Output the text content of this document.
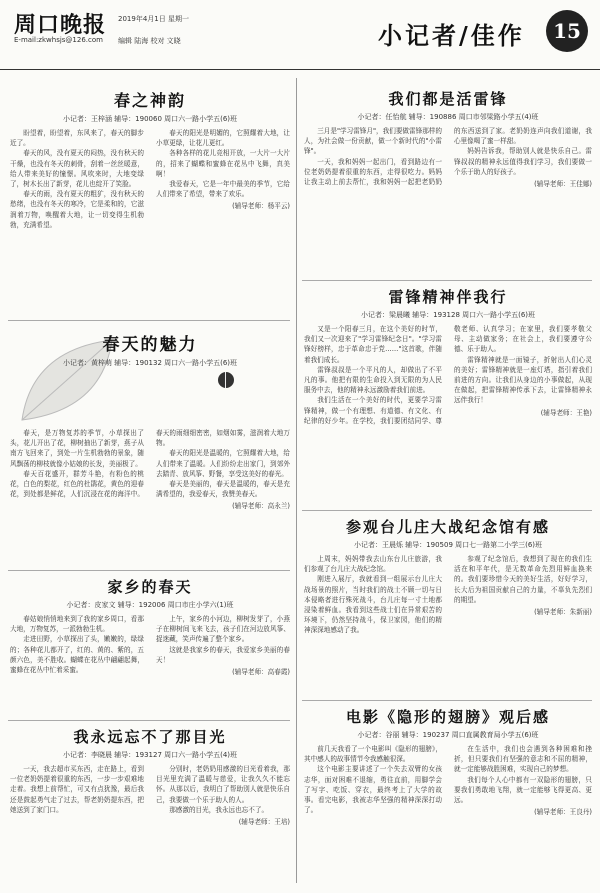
周口晚报 2019年4月1日 星期一
E-mail:zkwhsjs@126.com 编辑 陆海 校对 文晓	小记者/佳作	15
春之神韵
小记者：王梓涵 辅导：190060 周口六一路小学五(6)班
盼望着，盼望着，东风来了，春天的脚步近了。
春天的风，没有夏天的闷热，没有秋天的干燥，也没有冬天的刺骨，刮着一丝丝暖意，给人带来美好的憧憬。风吹来时，大地变绿了，树木长出了新芽，花儿也绽开了笑脸。
春天的雨，没有夏天的粗犷，没有秋天的愁绪，也没有冬天的寒冷，它是柔和的，它滋润着万物，唤醒着大地，让一切变得生机勃勃，充满希望。
春天的阳光是明媚的，它照耀着大地，让小草更绿，让花儿更红。
各种各样的花儿竞相开放，一大片一大片的，招来了蝴蝶和蜜蜂在花丛中飞舞，真美啊！
我爱春天，它是一年中最美的季节，它给人们带来了希望，带来了欢乐。
(辅导老师：杨平云)
春天的魅力
小记者：黄梓萌 辅导：190132 周口六一路小学五(6)班
春天，是万物复苏的季节，小草探出了头，花儿开出了花，柳树抽出了新芽，燕子从南方飞回来了，到处一片生机勃勃的景象，随风飘荡的柳枝就像小姑娘的长发，美丽极了。
春天百花盛开，群芳斗艳，有粉色的桃花，白色的梨花，红色的杜鹃花，黄色的迎春花，到处都是鲜花，人们沉浸在花的海洋中。春天的雨细细密密，如烟如雾，滋润着大地万物。
春天的阳光是温暖的，它照耀着大地，给人们带来了温暖。人们纷纷走出家门，到郊外去踏青、放风筝、野餐，享受这美好的春光。
春天是美丽的，春天是温暖的，春天是充满希望的，我爱春天，我赞美春天。
(辅导老师：高永兰)
家乡的春天
小记者：皮家文 辅导：192006 周口市庄小学六(1)班
春姑娘悄悄地来到了我的家乡周口，看那大地，万物复苏，一派勃勃生机。
走进田野，小草探出了头，嫩嫩的，绿绿的；各种花儿都开了，红的、黄的、紫的，五颜六色，美不胜收。蝴蝶在花丛中翩翩起舞，蜜蜂在花丛中忙着采蜜。
上午，家乡的小河边，柳树发芽了，小燕子在柳树间飞来飞去，孩子们在河边放风筝、捉迷藏，笑声传遍了整个家乡。
这就是我家乡的春天，我爱家乡美丽的春天！
(辅导老师：高春霞)
我永远忘不了那目光
小记者：李晓晨 辅导：193127 周口六一路小学五(4)班
一天，我去超市买东西，走在路上，看到一位老奶奶提着很重的东西，一步一步艰难地走着。我想上前帮忙，可又有点犹豫，最后我还是鼓起勇气走了过去，帮老奶奶提东西，把她送到了家门口。
分别时，老奶奶用感激的目光看着我，那目光里充满了温暖与慈爱，让我久久不能忘怀。从那以后，我明白了帮助别人就是快乐自己，我要做一个乐于助人的人。
那感激的目光，我永远也忘不了。
(辅导老师：王培)
我们都是活雷锋
小记者：任怡航 辅导：190886 周口市邻梁路小学五(4)班
三月是"学习雷锋月"，我们要做雷锋那样的人，为社会做一份贡献，做一个新时代的"小雷锋"。
一天，我和妈妈一起出门，看到路边有一位老奶奶提着很重的东西，走得很吃力。妈妈让我主动上前去帮忙，我和妈妈一起把老奶奶的东西送到了家。老奶奶连声向我们道谢，我心里像喝了蜜一样甜。
妈妈告诉我，帮助别人就是快乐自己。雷锋叔叔的精神永远值得我们学习，我们要做一个乐于助人的好孩子。
(辅导老师：王佳娜)
雷锋精神伴我行
小记者：梁晨曦 辅导：193128 周口六一路小学五(6)班
又是一个阳春三月，在这个美好的时节，我们又一次迎来了"学习雷锋纪念日"。"学习雷锋好榜样，忠于革命忠于党……"这首歌，伴随着我们成长。
雷锋叔叔是一个平凡的人，却做出了不平凡的事。他把有限的生命投入到无限的为人民服务中去，他的精神永远激励着我们前进。
我们生活在一个美好的时代，更要学习雷锋精神，做一个有理想、有道德、有文化、有纪律的好少年。在学校，我们要团结同学、尊敬老师、认真学习；在家里，我们要孝敬父母、主动做家务；在社会上，我们要遵守公德、乐于助人。
雷锋精神就是一面镜子，折射出人们心灵的美好；雷锋精神就是一座灯塔，指引着我们前进的方向。让我们从身边的小事做起，从现在做起，把雷锋精神传承下去，让雷锋精神永远伴我行！
(辅导老师：王艳)
参观台儿庄大战纪念馆有感
小记者：王晨烁 辅导：190509 周口七一路第二小学三(6)班
上周末，妈妈带我去山东台儿庄旅游，我们参观了台儿庄大战纪念馆。
刚进入展厅，我就看到一组展示台儿庄大战场景的照片，当时我们的战士不顾一切与日本侵略者进行殊死战斗，台儿庄每一寸土地都浸染着鲜血。我看到这些战士们在异常艰苦的环境下，仍然坚持战斗，保卫家园，他们的精神深深地感动了我。
参观了纪念馆后，我想到了现在的我们生活在和平年代，是无数革命先烈用鲜血换来的。我们要珍惜今天的美好生活，好好学习，长大后为祖国贡献自己的力量，不辜负先烈们的期望。
(辅导老师：朱新丽)
电影《隐形的翅膀》观后感
小记者：谷丽 辅导：190237 周口直属教育局小学五(6)班
前几天我看了一个电影叫《隐形的翅膀》，其中感人的故事情节令我感触很深。
这个电影主要讲述了一个失去双臂的女孩志华，面对困难不退缩，勇往直前，用脚学会了写字、吃饭、穿衣，最终考上了大学的故事。看完电影，我被志华坚强的精神深深打动了。
在生活中，我们也会遇到各种困难和挫折，但只要我们有坚强的意志和不屈的精神，就一定能够战胜困难，实现自己的梦想。
我们每个人心中都有一双隐形的翅膀，只要我们勇敢地飞翔，就一定能够飞得更高、更远。
(辅导老师：王良丹)
